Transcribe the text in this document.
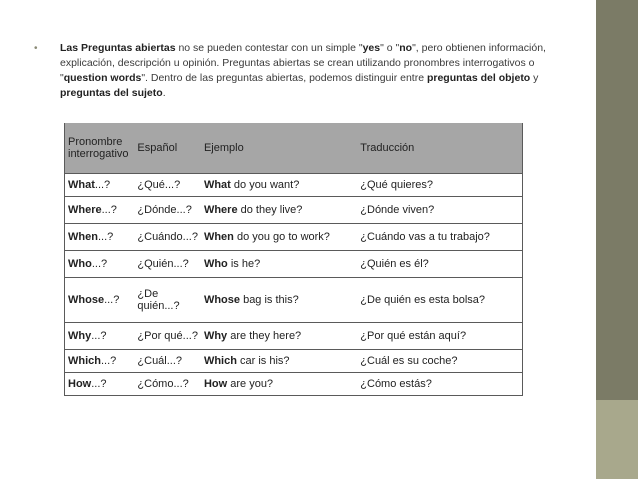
• Las Preguntas abiertas no se pueden contestar con un simple "yes" o "no", pero obtienen información, explicación, descripción u opinión. Preguntas abiertas se crean utilizando pronombres interrogativos o "question words". Dentro de las preguntas abiertas, podemos distinguir entre preguntas del objeto y preguntas del sujeto.
Pronombre interrogativo	Español	Ejemplo	Traducción
What...?	¿Qué...?	What do you want?	¿Qué quieres?
Where...?	¿Dónde...?	Where do they live?	¿Dónde viven?
When...?	¿Cuándo...?	When do you go to work?	¿Cuándo vas a tu trabajo?
Who...?	¿Quién...?	Who is he?	¿Quién es él?
Whose...?	¿De quién...?	Whose bag is this?	¿De quién es esta bolsa?
Why...?	¿Por qué...?	Why are they here?	¿Por qué están aquí?
Which...?	¿Cuál...?	Which car is his?	¿Cuál es su coche?
How...?	¿Cómo...?	How are you?	¿Cómo estás?
